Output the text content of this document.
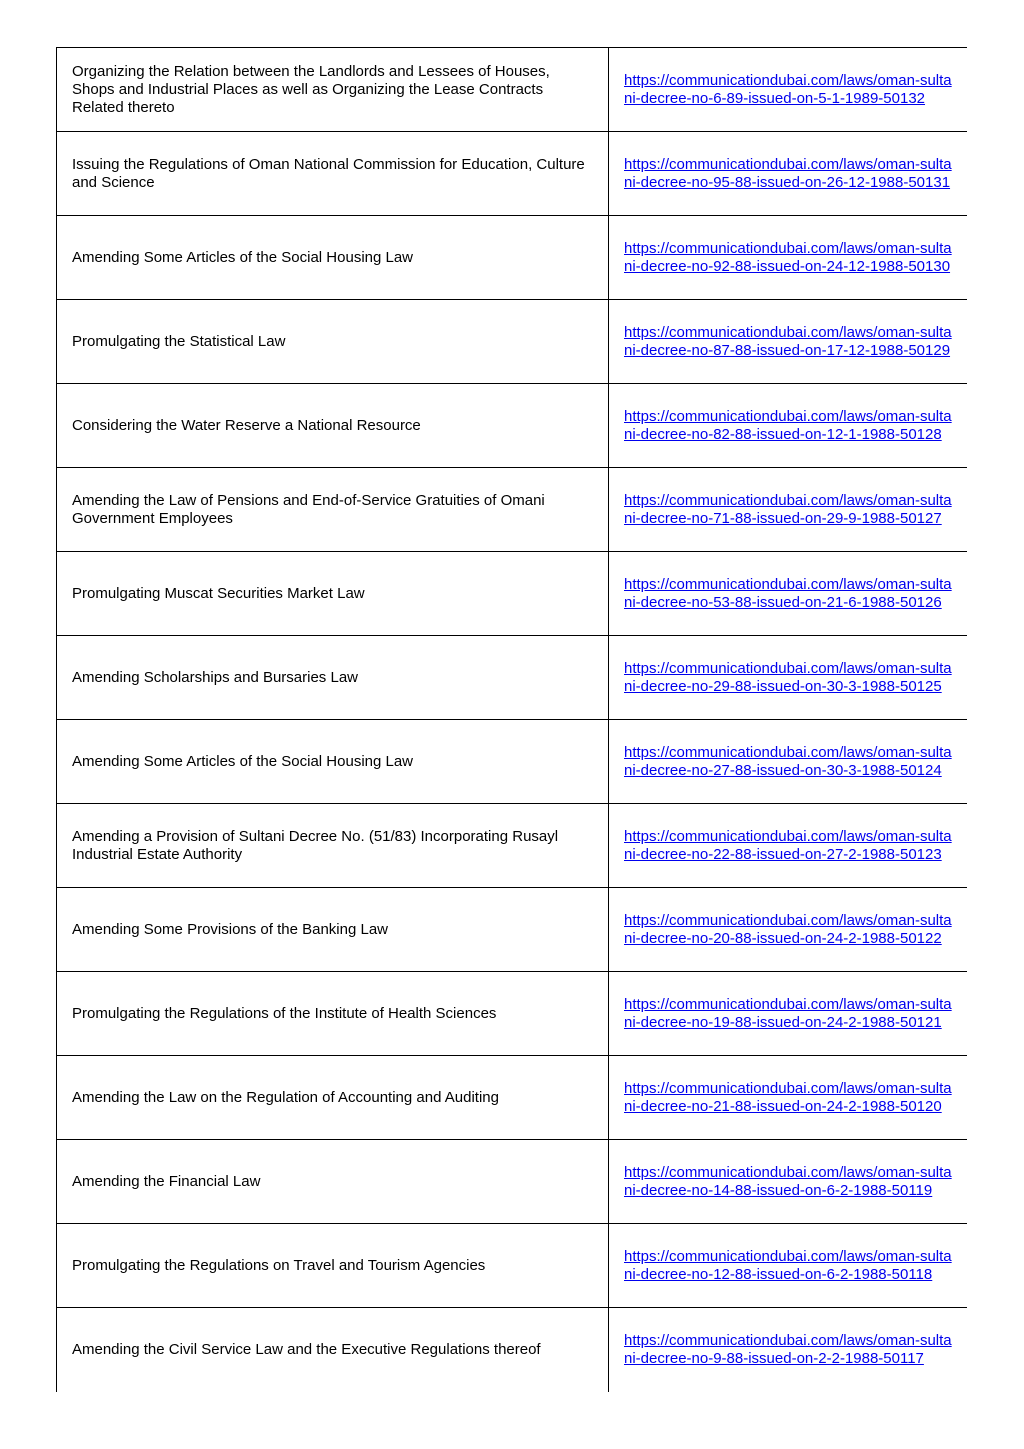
Organizing the Relation between the Landlords and Lessees of Houses, Shops and Industrial Places as well as Organizing the Lease Contracts Related thereto	https://communicationdubai.com/laws/oman-sultani-decree-no-6-89-issued-on-5-1-1989-50132
Issuing the Regulations of Oman National Commission for Education, Culture and Science	https://communicationdubai.com/laws/oman-sultani-decree-no-95-88-issued-on-26-12-1988-50131
Amending Some Articles of the Social Housing Law	https://communicationdubai.com/laws/oman-sultani-decree-no-92-88-issued-on-24-12-1988-50130
Promulgating the Statistical Law	https://communicationdubai.com/laws/oman-sultani-decree-no-87-88-issued-on-17-12-1988-50129
Considering the Water Reserve a National Resource	https://communicationdubai.com/laws/oman-sultani-decree-no-82-88-issued-on-12-1-1988-50128
Amending the Law of Pensions and End-of-Service Gratuities of Omani Government Employees	https://communicationdubai.com/laws/oman-sultani-decree-no-71-88-issued-on-29-9-1988-50127
Promulgating Muscat Securities Market Law	https://communicationdubai.com/laws/oman-sultani-decree-no-53-88-issued-on-21-6-1988-50126
Amending Scholarships and Bursaries Law	https://communicationdubai.com/laws/oman-sultani-decree-no-29-88-issued-on-30-3-1988-50125
Amending Some Articles of the Social Housing Law	https://communicationdubai.com/laws/oman-sultani-decree-no-27-88-issued-on-30-3-1988-50124
Amending a Provision of Sultani Decree No. (51/83) Incorporating Rusayl Industrial Estate Authority	https://communicationdubai.com/laws/oman-sultani-decree-no-22-88-issued-on-27-2-1988-50123
Amending Some Provisions of the Banking Law	https://communicationdubai.com/laws/oman-sultani-decree-no-20-88-issued-on-24-2-1988-50122
Promulgating the Regulations of the Institute of Health Sciences	https://communicationdubai.com/laws/oman-sultani-decree-no-19-88-issued-on-24-2-1988-50121
Amending the Law on the Regulation of Accounting and Auditing	https://communicationdubai.com/laws/oman-sultani-decree-no-21-88-issued-on-24-2-1988-50120
Amending the Financial Law	https://communicationdubai.com/laws/oman-sultani-decree-no-14-88-issued-on-6-2-1988-50119
Promulgating the Regulations on Travel and Tourism Agencies	https://communicationdubai.com/laws/oman-sultani-decree-no-12-88-issued-on-6-2-1988-50118
Amending the Civil Service Law and the Executive Regulations thereof	https://communicationdubai.com/laws/oman-sultani-decree-no-9-88-issued-on-2-2-1988-50117
